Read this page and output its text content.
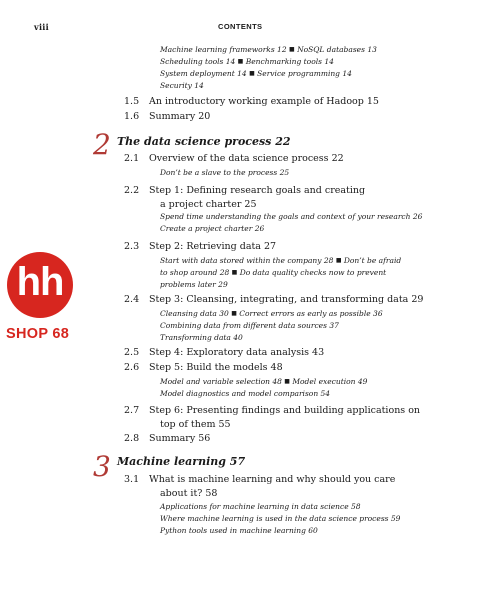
viii	CONTENTS
Machine learning frameworks 12 ■ NoSQL databases 13
Scheduling tools 14 ■ Benchmarking tools 14
System deployment 14 ■ Service programming 14
Security 14
1.5 An introductory working example of Hadoop 15
1.6 Summary 20
2 The data science process 22
2.1 Overview of the data science process 22
Don’t be a slave to the process 25
2.2 Step 1: Defining research goals and creating
a project charter 25
Spend time understanding the goals and context of your research 26
Create a project charter 26
2.3 Step 2: Retrieving data 27
Start with data stored within the company 28 ■ Don’t be afraid
to shop around 28 ■ Do data quality checks now to prevent
problems later 29
2.4 Step 3: Cleansing, integrating, and transforming data 29
Cleansing data 30 ■ Correct errors as early as possible 36
Combining data from different data sources 37
Transforming data 40
2.5 Step 4: Exploratory data analysis 43
2.6 Step 5: Build the models 48
Model and variable selection 48 ■ Model execution 49
Model diagnostics and model comparison 54
2.7 Step 6: Presenting findings and building applications on
top of them 55
2.8 Summary 56
3 Machine learning 57
3.1 What is machine learning and why should you care
about it? 58
Applications for machine learning in data science 58
Where machine learning is used in the data science process 59
Python tools used in machine learning 60
hh
SHOP 68
